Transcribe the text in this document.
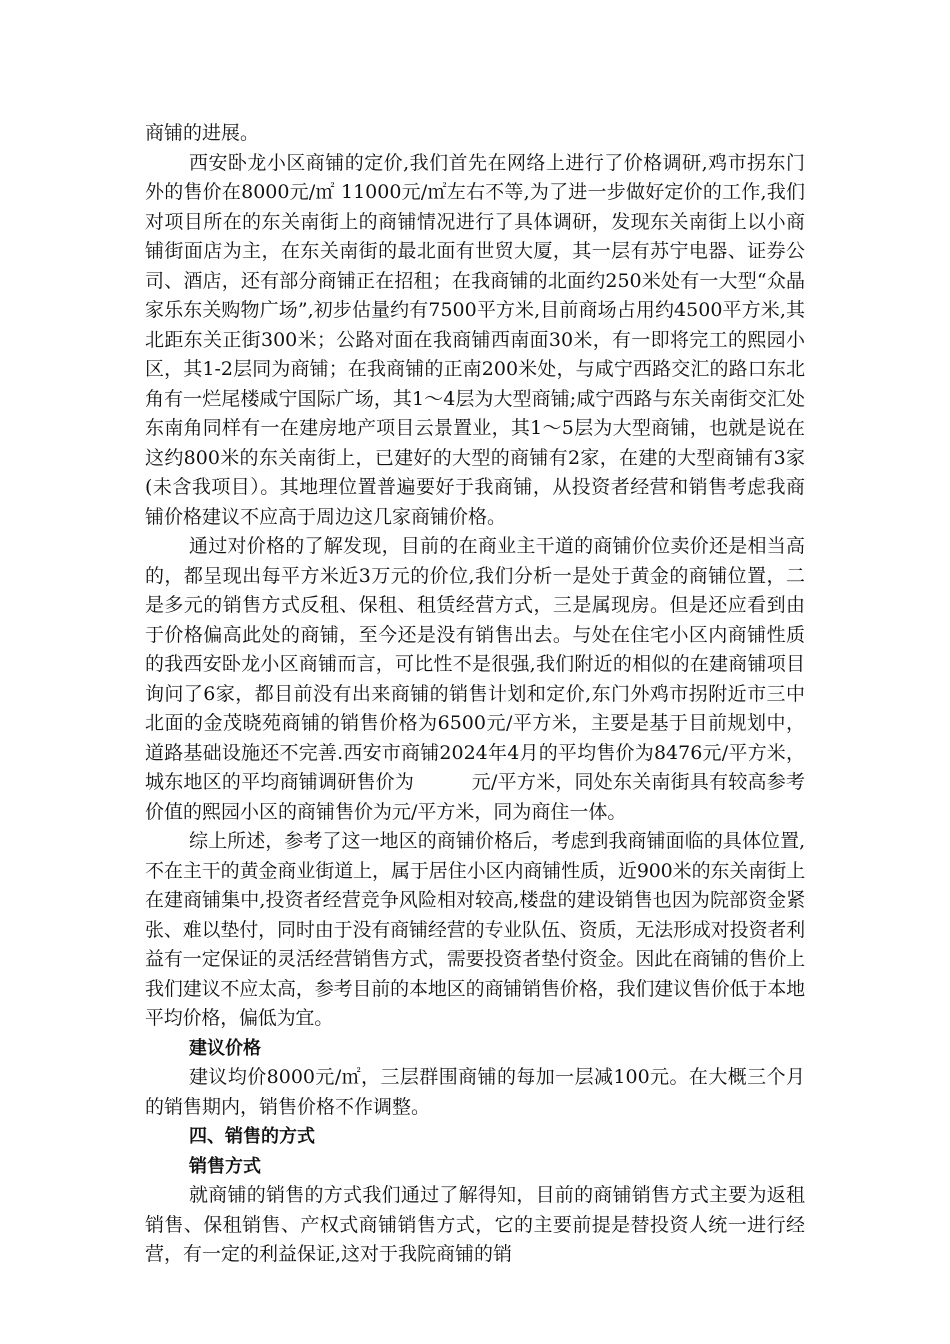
商铺的进展。

西安卧龙小区商铺的定价,我们首先在网络上进行了价格调研,鸡市拐东门外的售价在8000元/㎡ 11000元/㎡左右不等,为了进一步做好定价的工作,我们对项目所在的东关南街上的商铺情况进行了具体调研，发现东关南街上以小商铺街面店为主，在东关南街的最北面有世贸大厦，其一层有苏宁电器、证券公司、酒店，还有部分商铺正在招租；在我商铺的北面约250米处有一大型“众晶家乐东关购物广场”,初步估量约有7500平方米,目前商场占用约4500平方米,其北距东关正街300米；公路对面在我商铺西南面30米，有一即将完工的熙园小区，其1-2层同为商铺；在我商铺的正南200米处，与咸宁西路交汇的路口东北角有一烂尾楼咸宁国际广场，其1～4层为大型商铺;咸宁西路与东关南街交汇处东南角同样有一在建房地产项目云景置业，其1～5层为大型商铺，也就是说在这约800米的东关南街上，已建好的大型的商铺有2家，在建的大型商铺有3家(未含我项目）。其地理位置普遍要好于我商铺，从投资者经营和销售考虑我商铺价格建议不应高于周边这几家商铺价格。

通过对价格的了解发现，目前的在商业主干道的商铺价位卖价还是相当高的，都呈现出每平方米近3万元的价位,我们分析一是处于黄金的商铺位置，二是多元的销售方式反租、保租、租赁经营方式，三是属现房。但是还应看到由于价格偏高此处的商铺，至今还是没有销售出去。与处在住宅小区内商铺性质的我西安卧龙小区商铺而言，可比性不是很强,我们附近的相似的在建商铺项目询问了6家，都目前没有出来商铺的销售计划和定价,东门外鸡市拐附近市三中北面的金茂晓苑商铺的销售价格为6500元/平方米，主要是基于目前规划中，道路基础设施还不完善.西安市商铺2024年4月的平均售价为8476元/平方米，城东地区的平均商铺调研售价为　　　元/平方米，同处东关南街具有较高参考价值的熙园小区的商铺售价为元/平方米，同为商住一体。

综上所述，参考了这一地区的商铺价格后，考虑到我商铺面临的具体位置,不在主干的黄金商业街道上，属于居住小区内商铺性质，近900米的东关南街上在建商铺集中,投资者经营竞争风险相对较高,楼盘的建设销售也因为院部资金紧张、难以垫付，同时由于没有商铺经营的专业队伍、资质，无法形成对投资者利益有一定保证的灵活经营销售方式，需要投资者垫付资金。因此在商铺的售价上我们建议不应太高，参考目前的本地区的商铺销售价格，我们建议售价低于本地平均价格，偏低为宜。

建议价格

建议均价8000元/㎡，三层群围商铺的每加一层减100元。在大概三个月的销售期内，销售价格不作调整。

四、销售的方式

销售方式

就商铺的销售的方式我们通过了解得知，目前的商铺销售方式主要为返租销售、保租销售、产权式商铺销售方式，它的主要前提是替投资人统一进行经营，有一定的利益保证,这对于我院商铺的销
